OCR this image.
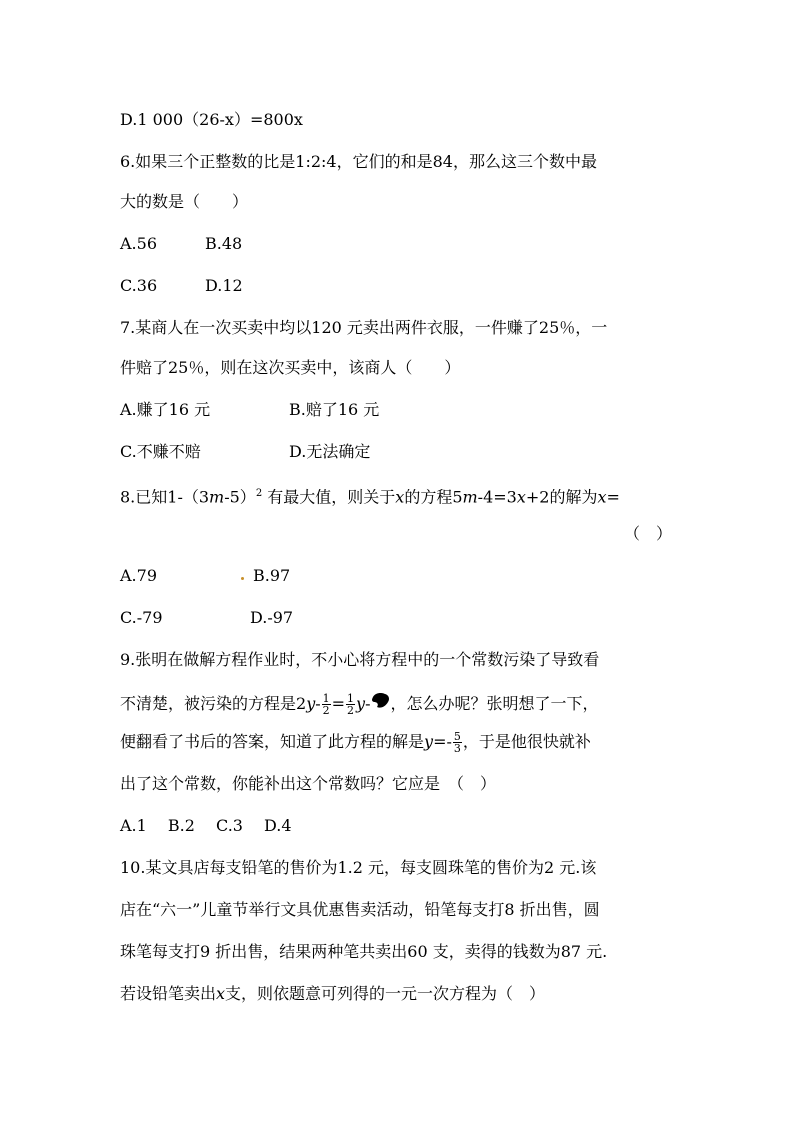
D.1 000（26-x）=800x
6.如果三个正整数的比是1:2:4，它们的和是84，那么这三个数中最
大的数是（　　）
A.56	B.48
C.36	D.12
7.某商人在一次买卖中均以120 元卖出两件衣服，一件赚了25％，一
件赔了25％，则在这次买卖中，该商人（　　）
A.赚了16 元	B.赔了16 元
C.不赚不赔	D.无法确定
8.已知$1-(3m-5)^2$ 有最大值，则关于x的方程5m-4=3x+2的解为x=
（　）
A.79	B.97
C.-79	D.-97
9.张明在做解方程作业时，不小心将方程中的一个常数污染了导致看
不清楚，被污染的方程是$2y- \frac{1}{2} = \frac{1}{2} y-$ ，怎么办呢？张明想了一下，
便翻看了书后的答案，知道了此方程的解是$y=- \frac{5}{3}$ ，于是他很快就补
出了这个常数，你能补出这个常数吗？它应是　（　）
A.1　 B.2　 C.3　 D.4
10.某文具店每支铅笔的售价为1.2 元，每支圆珠笔的售价为2 元.该
店在“六一”儿童节举行文具优惠售卖活动，铅笔每支打8 折出售，圆
珠笔每支打9 折出售，结果两种笔共卖出60 支，卖得的钱数为87 元.
若设铅笔卖出x支，则依题意可列得的一元一次方程为（　）
